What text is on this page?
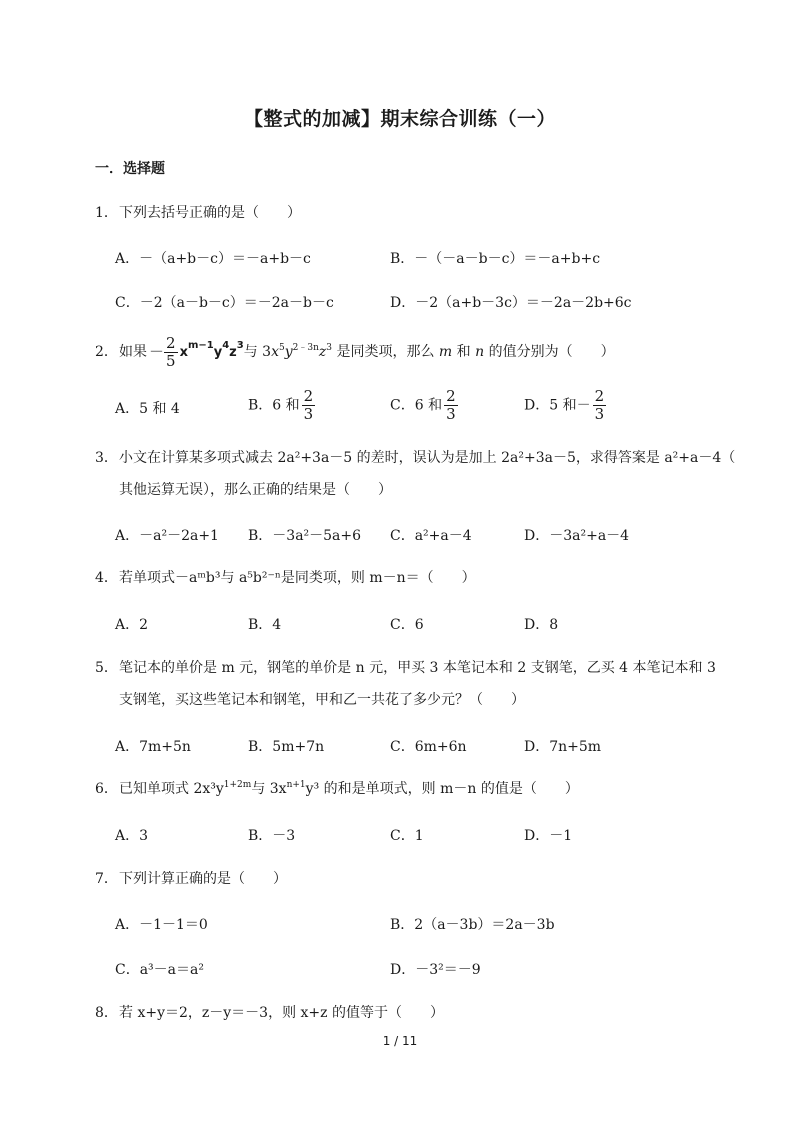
【整式的加减】期末综合训练（一）
一．选择题
1．下列去括号正确的是（　　）
A．－（a+b－c）＝－a+b－c	B．－（－a－b－c）＝－a+b+c
C．－2（a－b－c）＝－2a－b－c	D．－2（a+b－3c）＝－2a－2b+6c
2．如果 － $\frac{2}{5} x^{m-1}y^4z^3$与 $3x^5y^{2﹣3n}z^3$ 是同类项，那么 m 和 n 的值分别为（　　）
A．5 和 4	B．6 和 $\frac{2}{3}$	C．6 和 $\frac{2}{3}$	D．5 和－ $\frac{2}{3}$
3．小文在计算某多项式减去 2a²+3a－5 的差时，误认为是加上 2a²+3a－5，求得答案是 a²+a－4（
其他运算无误），那么正确的结果是（　　）
A．－a²－2a+1 B．－3a²－5a+6 C．a²+a－4	D．－3a²+a－4
4．若单项式－aᵐb³与 a⁵b²⁻ⁿ是同类项，则 m－n＝（　　）
A．2	B．4	C．6	D．8
5．笔记本的单价是 m 元，钢笔的单价是 n 元，甲买 3 本笔记本和 2 支钢笔，乙买 4 本笔记本和 3
支钢笔，买这些笔记本和钢笔，甲和乙一共花了多少元？（　　）
A．7m+5n	B．5m+7n	C．6m+6n	D．7n+5m
6．已知单项式 $2x^3y^{1+2m}$与 $3x^{n+1}y^3$ 的和是单项式，则 m－n 的值是（　　）
A．3	B．－3	C．1	D．－1
7．下列计算正确的是（　　）
A．－1－1＝0	B．2（a－3b）＝2a－3b
C．a³－a＝a²	D．－3²＝－9
8．若 x+y＝2，z－y＝－3，则 x+z 的值等于（　　）
1 / 11
